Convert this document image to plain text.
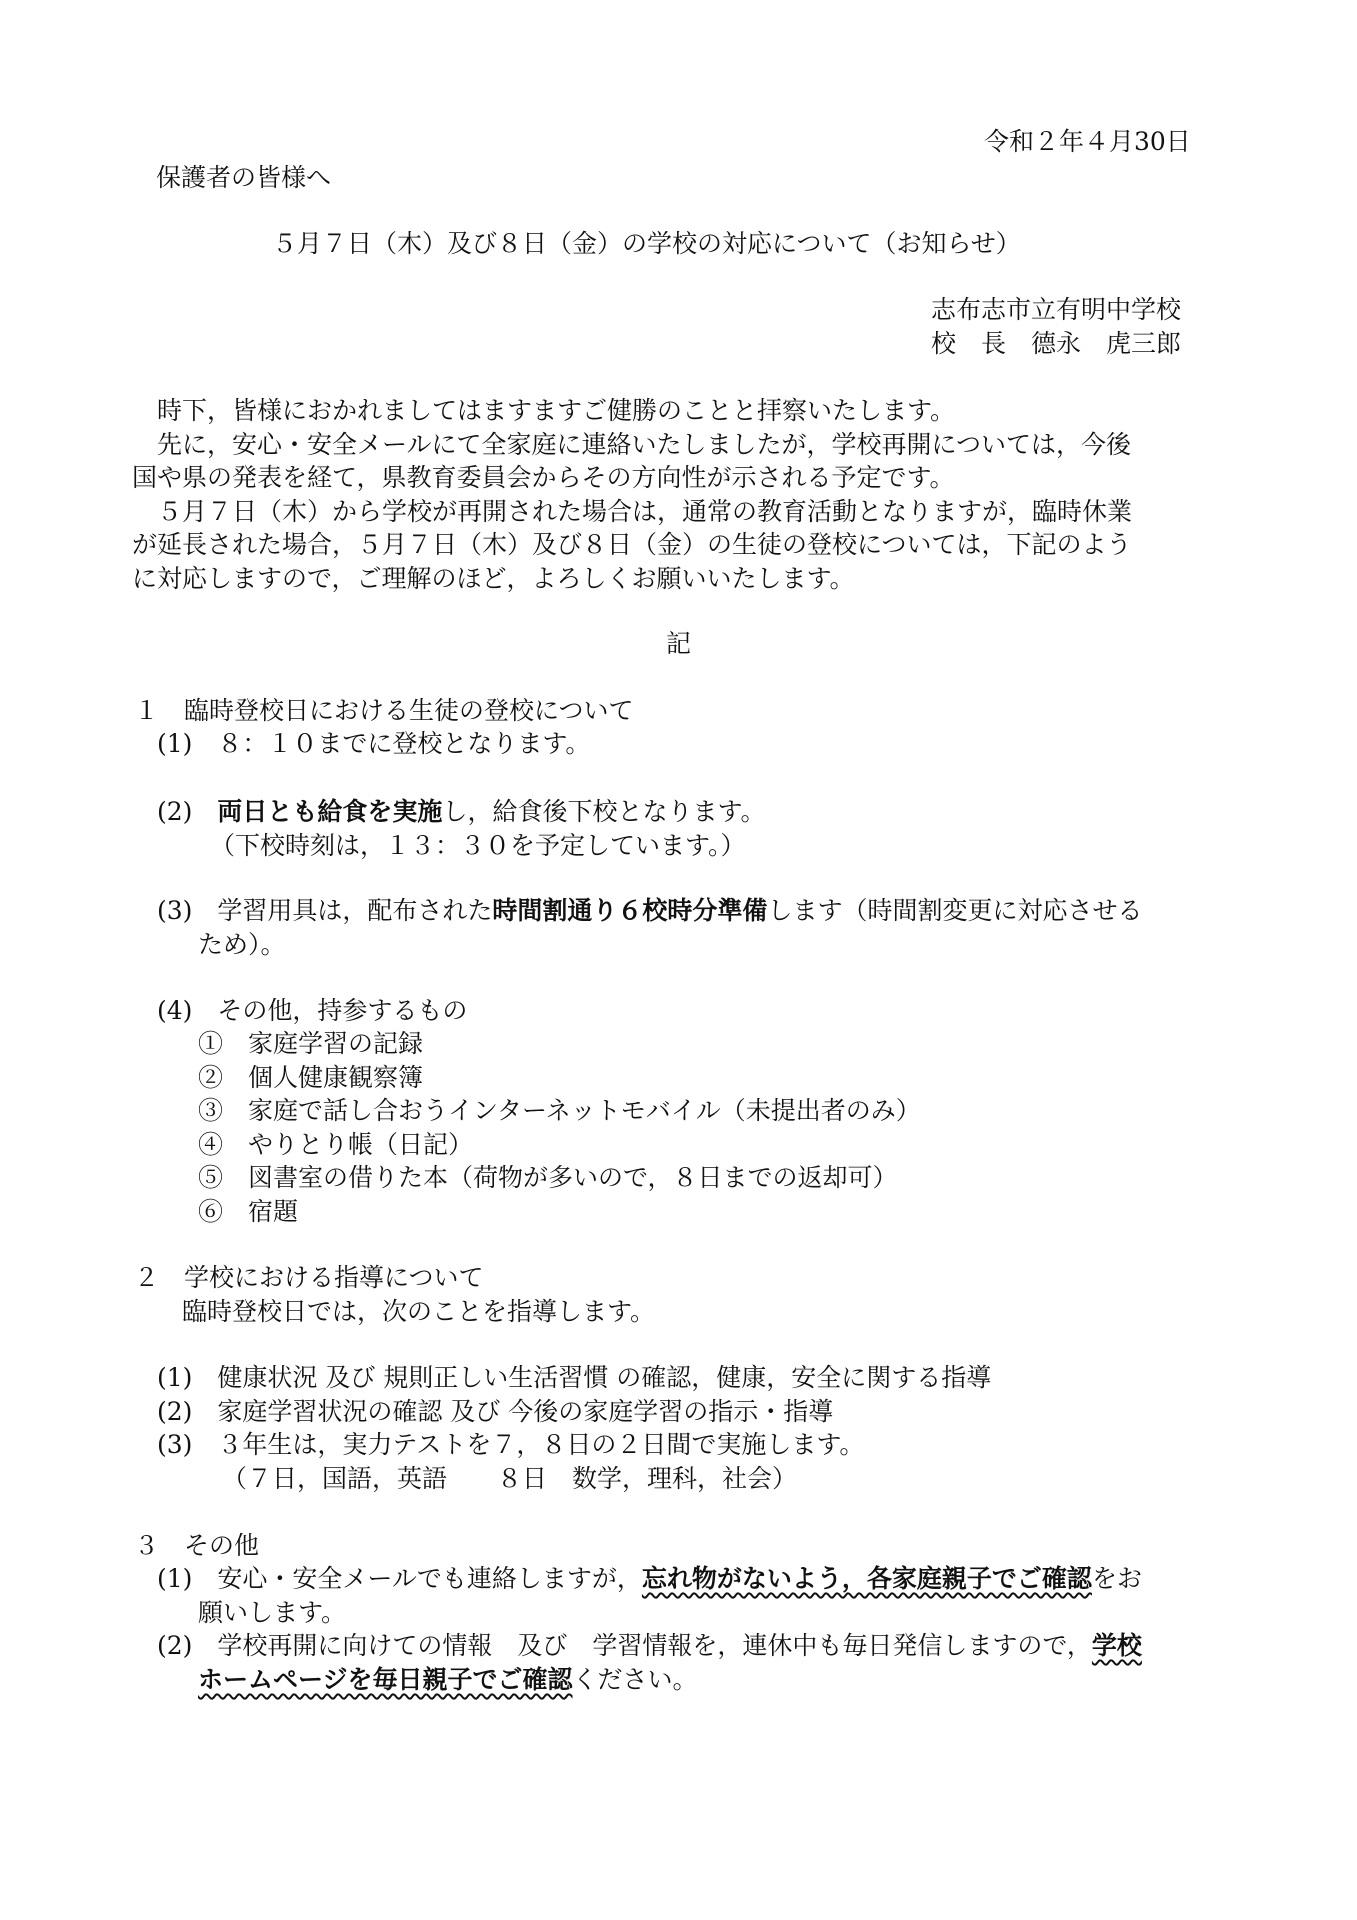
令和２年４月30日
保護者の皆様へ
５月７日（木）及び８日（金）の学校の対応について（お知らせ）
志布志市立有明中学校
校　長　德永　虎三郎
時下，皆様におかれましてはますますご健勝のことと拝察いたします。
先に，安心・安全メールにて全家庭に連絡いたしましたが，学校再開については，今後
国や県の発表を経て，県教育委員会からその方向性が示される予定です。
５月７日（木）から学校が再開された場合は，通常の教育活動となりますが，臨時休業
が延長された場合，５月７日（木）及び８日（金）の生徒の登校については，下記のよう
に対応しますので，ご理解のほど，よろしくお願いいたします。
記
１　臨時登校日における生徒の登校について
(1)　８：１０までに登校となります。
(2)　両日とも給食を実施し，給食後下校となります。
（下校時刻は，１３：３０を予定しています。）
(3)　学習用具は，配布された時間割通り６校時分準備します（時間割変更に対応させる
ため）。
(4)　その他，持参するもの
①　家庭学習の記録
②　個人健康観察簿
③　家庭で話し合おうインターネットモバイル（未提出者のみ）
④　やりとり帳（日記）
⑤　図書室の借りた本（荷物が多いので，８日までの返却可）
⑥　宿題
２　学校における指導について
臨時登校日では，次のことを指導します。
(1)　健康状況 及び 規則正しい生活習慣 の確認，健康，安全に関する指導
(2)　家庭学習状況の確認 及び 今後の家庭学習の指示・指導
(3)　３年生は，実力テストを７，８日の２日間で実施します。
（７日，国語，英語　　８日　数学，理科，社会）
３　その他
(1)　安心・安全メールでも連絡しますが，忘れ物がないよう，各家庭親子でご確認をお
願いします。
(2)　学校再開に向けての情報　及び　学習情報を，連休中も毎日発信しますので，学校
ホームページを毎日親子でご確認ください。
